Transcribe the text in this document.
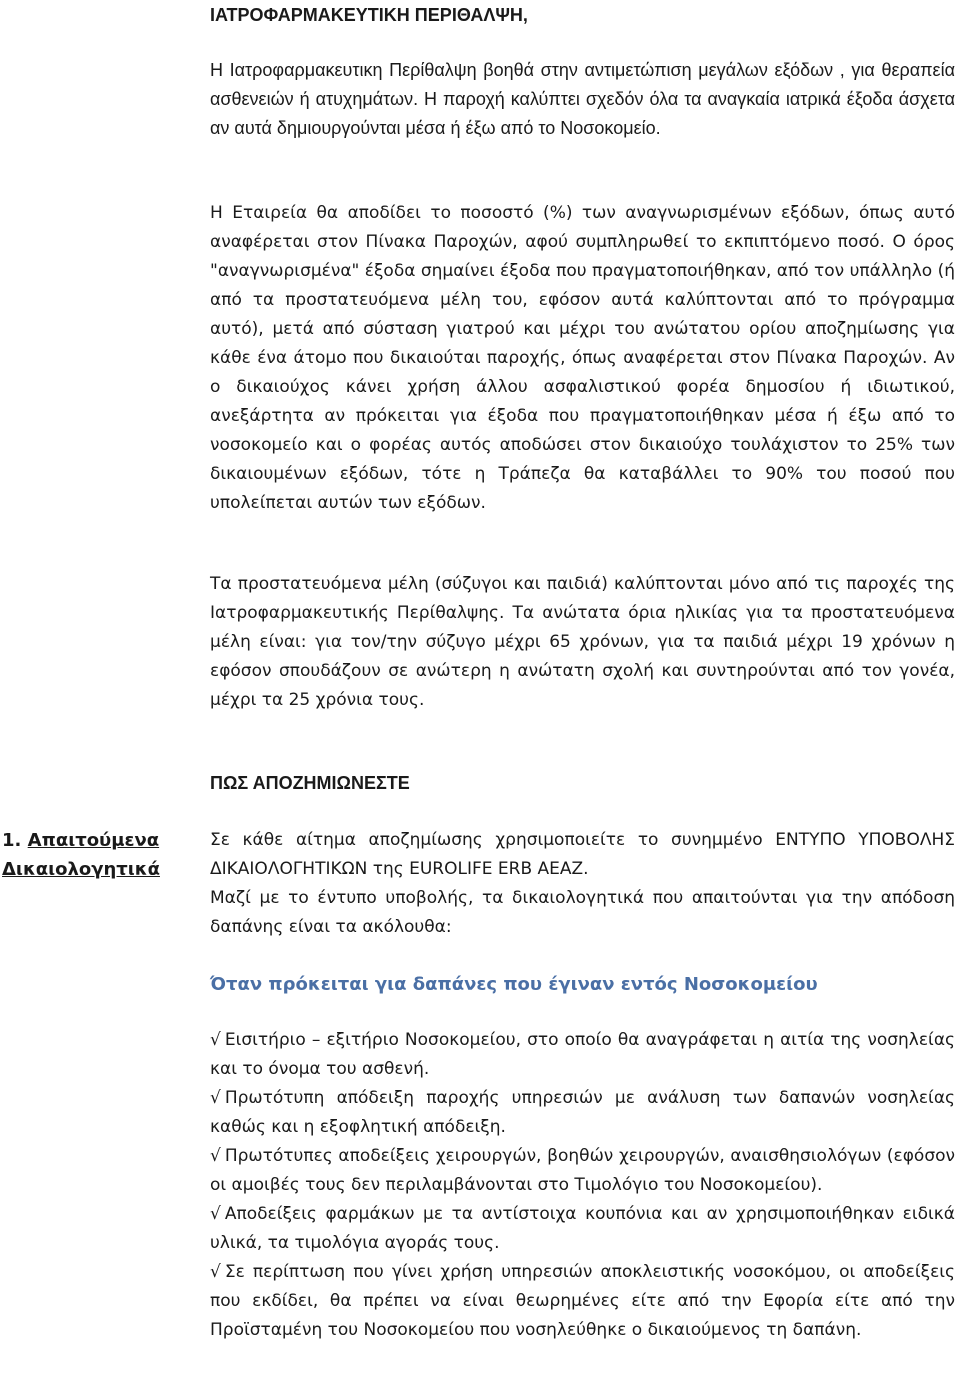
ΙΑΤΡΟΦΑΡΜΑΚΕΥΤΙΚΗ ΠΕΡΙΘΑΛΨΗ,

Η Ιατροφαρμακευτικη Περίθαλψη βοηθά στην αντιμετώπιση μεγάλων εξόδων , για θεραπεία ασθενειών ή ατυχημάτων. Η παροχή καλύπτει σχεδόν όλα τα αναγκαία ιατρικά έξοδα άσχετα αν αυτά δημιουργούνται μέσα ή έξω από το Νοσοκομείο.

Η Εταιρεία θα αποδίδει το ποσοστό (%) των αναγνωρισμένων εξόδων, όπως αυτό αναφέρεται στον Πίνακα Παροχών, αφού συμπληρωθεί το εκπιπτόμενο ποσό. Ο όρος "αναγνωρισμένα" έξοδα σημαίνει έξοδα που πραγματοποιήθηκαν, από τον υπάλληλο (ή από τα προστατευόμενα μέλη του, εφόσον αυτά καλύπτονται από το πρόγραμμα αυτό), μετά από σύσταση γιατρού και μέχρι του ανώτατου ορίου αποζημίωσης για κάθε ένα άτομο που δικαιούται παροχής, όπως αναφέρεται στον Πίνακα Παροχών. Αν ο δικαιούχος κάνει χρήση άλλου ασφαλιστικού φορέα δημοσίου ή ιδιωτικού, ανεξάρτητα αν πρόκειται για έξοδα που πραγματοποιήθηκαν μέσα ή έξω από το νοσοκομείο και ο φορέας αυτός αποδώσει στον δικαιούχο τουλάχιστον το 25% των δικαιουμένων εξόδων, τότε η Τράπεζα θα καταβάλλει το 90% του ποσού που υπολείπεται αυτών των εξόδων.

Τα προστατευόμενα μέλη (σύζυγοι και παιδιά) καλύπτονται μόνο από τις παροχές της Ιατροφαρμακευτικής Περίθαλψης. Τα ανώτατα όρια ηλικίας για τα προστατευόμενα μέλη είναι: για τον/την σύζυγο μέχρι 65 χρόνων, για τα παιδιά μέχρι 19 χρόνων η εφόσον σπουδάζουν σε ανώτερη η ανώτατη σχολή και συντηρούνται από τον γονέα, μέχρι τα 25 χρόνια τους.

ΠΩΣ ΑΠΟΖΗΜΙΩΝΕΣΤΕ

1. Απαιτούμενα Δικαιολογητικά

Σε κάθε αίτημα αποζημίωσης χρησιμοποιείτε το συνημμένο ΕΝΤΥΠΟ ΥΠΟΒΟΛΗΣ ΔΙΚΑΙΟΛΟΓΗΤΙΚΩΝ της EUROLIFE ERB ΑΕΑΖ.

Μαζί με το έντυπο υποβολής, τα δικαιολογητικά που απαιτούνται για την απόδοση δαπάνης είναι τα ακόλουθα:

Όταν πρόκειται για δαπάνες που έγιναν εντός Νοσοκομείου

√ Εισιτήριο – εξιτήριο Νοσοκομείου, στο οποίο θα αναγράφεται η αιτία της νοσηλείας και το όνομα του ασθενή.
√ Πρωτότυπη απόδειξη παροχής υπηρεσιών με ανάλυση των δαπανών νοσηλείας καθώς και η εξοφλητική απόδειξη.
√ Πρωτότυπες αποδείξεις χειρουργών, βοηθών χειρουργών, αναισθησιολόγων (εφόσον οι αμοιβές τους δεν περιλαμβάνονται στο Τιμολόγιο του Νοσοκομείου).
√ Αποδείξεις φαρμάκων με τα αντίστοιχα κουπόνια και αν χρησιμοποιήθηκαν ειδικά υλικά, τα τιμολόγια αγοράς τους.
√ Σε περίπτωση που γίνει χρήση υπηρεσιών αποκλειστικής νοσοκόμου, οι αποδείξεις που εκδίδει, θα πρέπει να είναι θεωρημένες είτε από την Εφορία είτε από την Προϊσταμένη του Νοσοκομείου που νοσηλεύθηκε ο δικαιούμενος τη δαπάνη.
